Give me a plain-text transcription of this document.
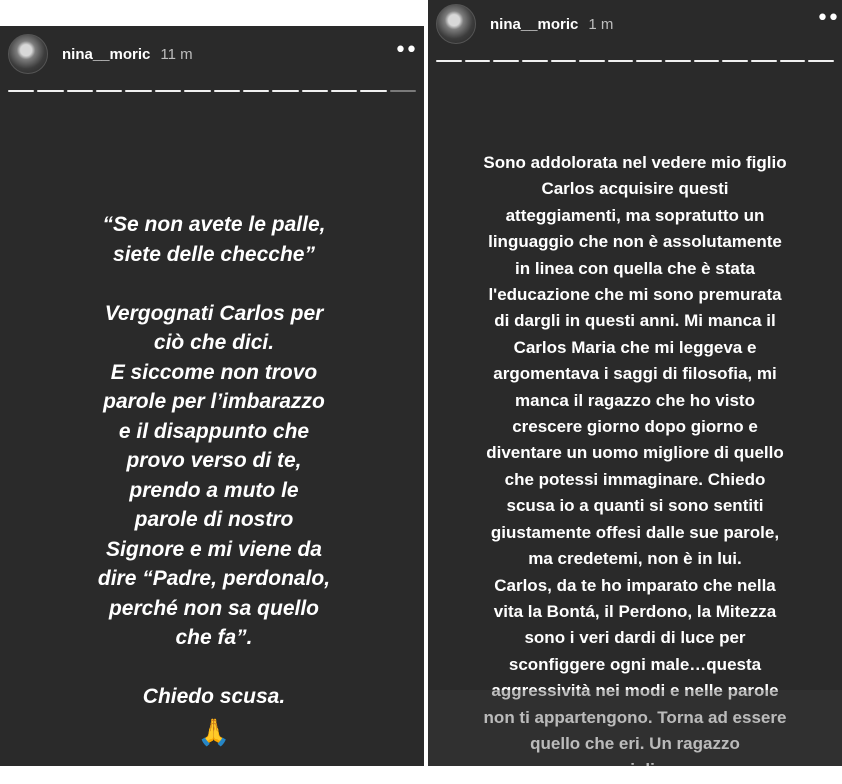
nina__moric 11 m	••

“Se non avete le palle,

siete delle checche”

Vergognati Carlos per

ciò che dici.

E siccome non trovo

parole per l’imbarazzo

e il disappunto che

provo verso di te,

prendo a muto le

parole di nostro

Signore e mi viene da

dire “Padre, perdonalo,

perché non sa quello

che fa”.

Chiedo scusa.

🙏
nina__moric 1 m	••

Sono addolorata nel vedere mio figlio

Carlos acquisire questi

atteggiamenti, ma sopratutto un

linguaggio che non è assolutamente

in linea con quella che è stata

l'educazione che mi sono premurata

di dargli in questi anni. Mi manca il

Carlos Maria che mi leggeva e

argomentava i saggi di filosofia, mi

manca il ragazzo che ho visto

crescere giorno dopo giorno e

diventare un uomo migliore di quello

che potessi immaginare. Chiedo

scusa io a quanti si sono sentiti

giustamente offesi dalle sue parole,

ma credetemi, non è in lui.

Carlos, da te ho imparato che nella

vita la Bontá, il Perdono, la Mitezza

sono i veri dardi di luce per

sconfiggere ogni male…questa

aggressività nei modi e nelle parole

non ti appartengono. Torna ad essere

quello che eri. Un ragazzo

meraviglioso.
